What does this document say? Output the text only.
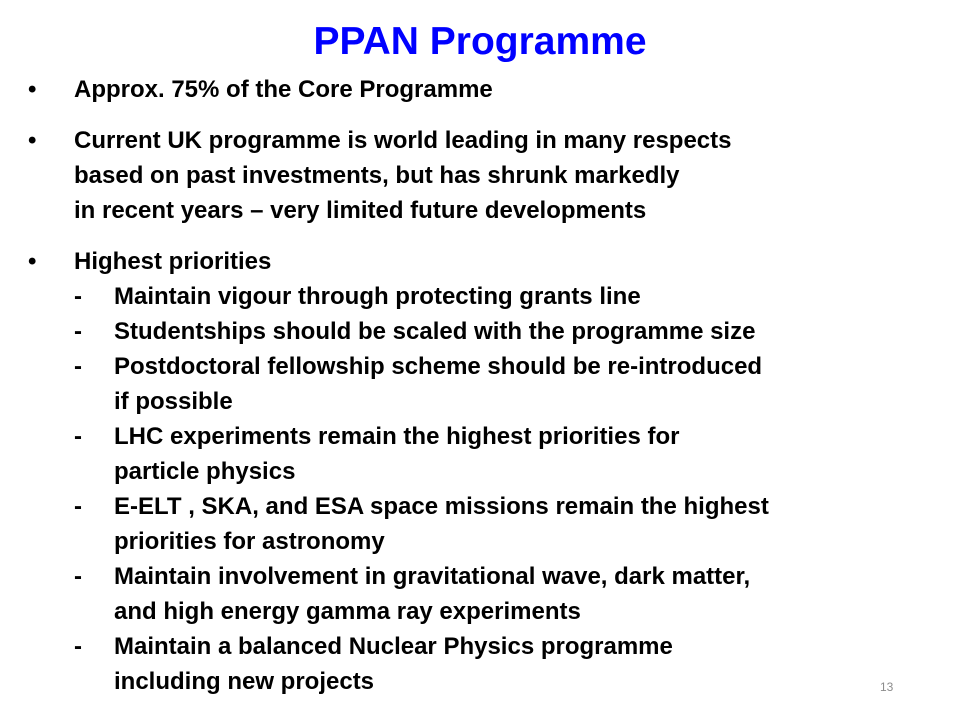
PPAN Programme
•	Approx. 75% of the Core Programme
•	Current UK programme is world leading in many respects
based on past investments, but has shrunk markedly
in recent years – very limited future developments
•	Highest priorities
-	Maintain vigour through protecting grants line
-	Studentships should be scaled with the programme size
-	Postdoctoral fellowship scheme should be re-introduced
if possible
-	LHC experiments remain the highest priorities for
particle physics
-	E-ELT , SKA, and ESA space missions remain the highest
priorities for astronomy
-	Maintain involvement in gravitational wave, dark matter,
and high energy gamma ray experiments
-	Maintain a balanced Nuclear Physics programme
including new projects	13
